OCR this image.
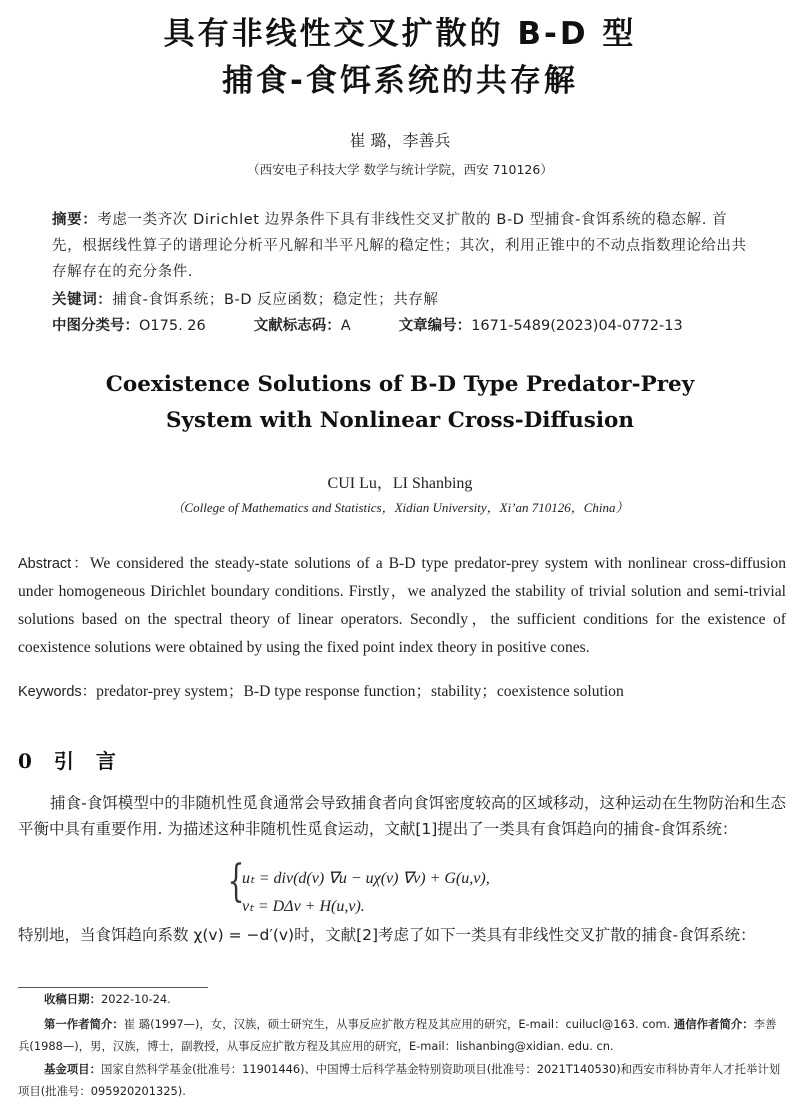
具有非线性交叉扩散的 B-D 型
捕食-食饵系统的共存解
崔 璐，李善兵
（西安电子科技大学 数学与统计学院，西安 710126）
摘要：考虑一类齐次 Dirichlet 边界条件下具有非线性交叉扩散的 B-D 型捕食-食饵系统的稳态解. 首先，根据线性算子的谱理论分析平凡解和半平凡解的稳定性；其次，利用正锥中的不动点指数理论给出共存解存在的充分条件.
关键词：捕食-食饵系统；B-D 反应函数；稳定性；共存解
中图分类号：O175. 26	文献标志码：A	文章编号：1671-5489(2023)04-0772-13
Coexistence Solutions of B-D Type Predator-Prey
System with Nonlinear Cross-Diffusion
CUI Lu，LI Shanbing
（College of Mathematics and Statistics，Xidian University，Xi’an 710126，China）
Abstract：We considered the steady-state solutions of a B-D type predator-prey system with nonlinear cross-diffusion under homogeneous Dirichlet boundary conditions. Firstly，we analyzed the stability of trivial solution and semi-trivial solutions based on the spectral theory of linear operators. Secondly，the sufficient conditions for the existence of coexistence solutions were obtained by using the fixed point index theory in positive cones.
Keywords：predator-prey system；B-D type response function；stability；coexistence solution
0 引言
捕食-食饵模型中的非随机性觅食通常会导致捕食者向食饵密度较高的区域移动，这种运动在生物防治和生态平衡中具有重要作用. 为描述这种非随机性觅食运动，文献[1]提出了一类具有食饵趋向的捕食-食饵系统：
{
uₜ = div(d(v) ∇u − uχ(v) ∇v) + G(u,v),
vₜ = DΔv + H(u,v).
特别地，当食饵趋向系数 χ(v) = −d′(v)时，文献[2]考虑了如下一类具有非线性交叉扩散的捕食-食饵系统：
收稿日期：2022-10-24.
第一作者简介：崔 璐(1997—)，女，汉族，硕士研究生，从事反应扩散方程及其应用的研究，E-mail：cuilucl@163. com. 通信作者简介：李善兵(1988—)，男，汉族，博士，副教授，从事反应扩散方程及其应用的研究，E-mail：lishanbing@xidian. edu. cn.
基金项目：国家自然科学基金(批准号：11901446)、中国博士后科学基金特别资助项目(批准号：2021T140530)和西安市科协青年人才托举计划项目(批准号：095920201325).
